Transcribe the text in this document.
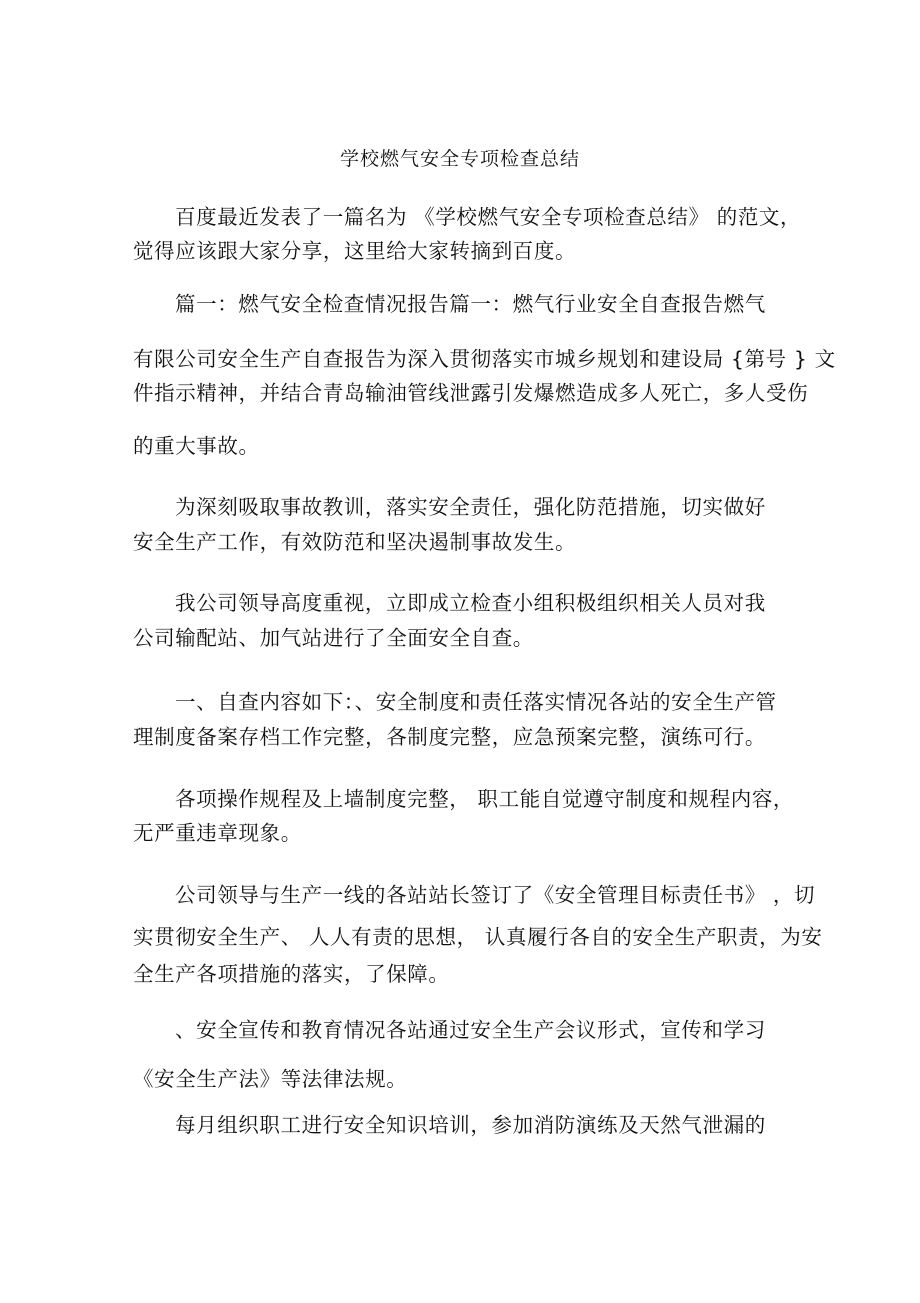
学校燃气安全专项检查总结
百度最近发表了一篇名为 《学校燃气安全专项检查总结》 的范文，
觉得应该跟大家分享，这里给大家转摘到百度。
篇一：燃气安全检查情况报告篇一：燃气行业安全自查报告燃气
有限公司安全生产自查报告为深入贯彻落实市城乡规划和建设局 {第号 } 文
件指示精神，并结合青岛输油管线泄露引发爆燃造成多人死亡，多人受伤
的重大事故。
为深刻吸取事故教训，落实安全责任，强化防范措施，切实做好
安全生产工作，有效防范和坚决遏制事故发生。
我公司领导高度重视，立即成立检查小组积极组织相关人员对我
公司输配站、加气站进行了全面安全自查。
一、自查内容如下：、安全制度和责任落实情况各站的安全生产管
理制度备案存档工作完整，各制度完整，应急预案完整，演练可行。
各项操作规程及上墙制度完整， 职工能自觉遵守制度和规程内容，
无严重违章现象。
公司领导与生产一线的各站站长签订了《安全管理目标责任书》 ，切
实贯彻安全生产、 人人有责的思想， 认真履行各自的安全生产职责，为安
全生产各项措施的落实，了保障。
、安全宣传和教育情况各站通过安全生产会议形式，宣传和学习
《安全生产法》等法律法规。
每月组织职工进行安全知识培训，参加消防演练及天然气泄漏的
